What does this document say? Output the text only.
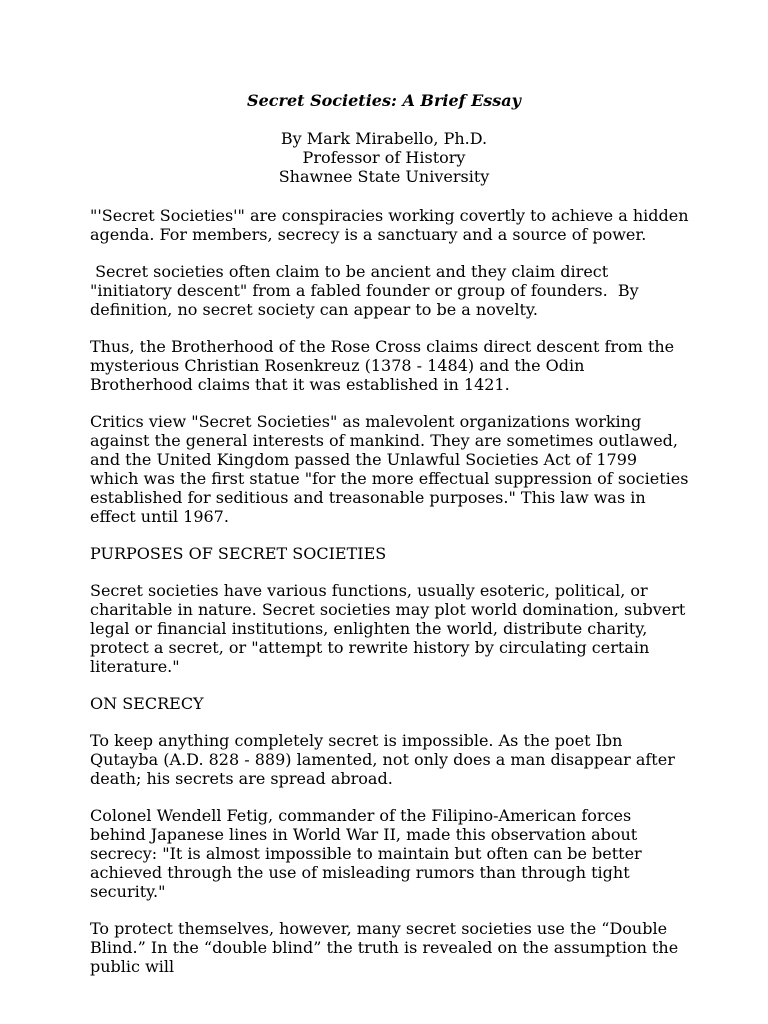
Secret Societies: A Brief Essay
By Mark Mirabello, Ph.D.
Professor of History
Shawnee State University

"'Secret Societies'" are conspiracies working covertly to achieve a hidden agenda. For members, secrecy is a sanctuary and a source of power.

Secret societies often claim to be ancient and they claim direct "initiatory descent" from a fabled founder or group of founders.  By definition, no secret society can appear to be a novelty.

Thus, the Brotherhood of the Rose Cross claims direct descent from the mysterious Christian Rosenkreuz (1378 - 1484) and the Odin Brotherhood claims that it was established in 1421.

Critics view "Secret Societies" as malevolent organizations working against the general interests of mankind. They are sometimes outlawed, and the United Kingdom passed the Unlawful Societies Act of 1799 which was the first statue "for the more effectual suppression of societies established for seditious and treasonable purposes." This law was in effect until 1967.

PURPOSES OF SECRET SOCIETIES

Secret societies have various functions, usually esoteric, political, or charitable in nature. Secret societies may plot world domination, subvert legal or financial institutions, enlighten the world, distribute charity, protect a secret, or "attempt to rewrite history by circulating certain literature."

ON SECRECY

To keep anything completely secret is impossible. As the poet Ibn Qutayba (A.D. 828 - 889) lamented, not only does a man disappear after death; his secrets are spread abroad.

Colonel Wendell Fetig, commander of the Filipino-American forces behind Japanese lines in World War II, made this observation about secrecy: "It is almost impossible to maintain but often can be better achieved through the use of misleading rumors than through tight security."

To protect themselves, however, many secret societies use the “Double Blind.” In the “double blind” the truth is revealed on the assumption the public will
